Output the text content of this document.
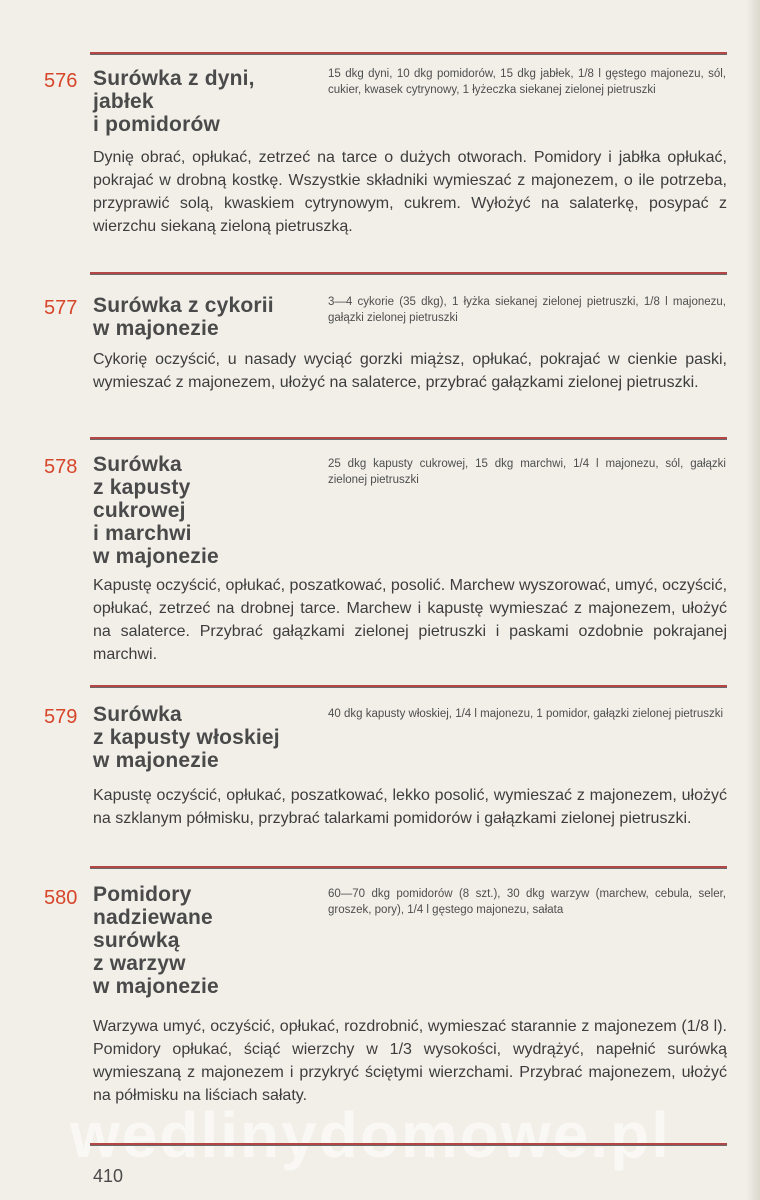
576 Surówka z dyni,
jabłek
i pomidorów
15 dkg dyni, 10 dkg pomidorów, 15 dkg jabłek, 1/8 l gęstego majonezu, sól, cukier, kwasek cytrynowy, 1 łyżeczka siekanej zielonej pietruszki
Dynię obrać, opłukać, zetrzeć na tarce o dużych otworach. Pomidory i jabłka opłukać, pokrajać w drobną kostkę. Wszystkie składniki wymieszać z majonezem, o ile potrzeba, przyprawić solą, kwaskiem cytrynowym, cukrem. Wyłożyć na salaterkę, posypać z wierzchu siekaną zieloną pietruszką.
577 Surówka z cykorii
w majonezie
3—4 cykorie (35 dkg), 1 łyżka siekanej zielonej pietruszki, 1/8 l majonezu, gałązki zielonej pietruszki
Cykorię oczyścić, u nasady wyciąć gorzki miąższ, opłukać, pokrajać w cienkie paski, wymieszać z majonezem, ułożyć na salaterce, przybrać gałązkami zielonej pietruszki.
578 Surówka
z kapusty
cukrowej
i marchwi
w majonezie
25 dkg kapusty cukrowej, 15 dkg marchwi, 1/4 l majonezu, sól, gałązki zielonej pietruszki
Kapustę oczyścić, opłukać, poszatkować, posolić. Marchew wyszorować, umyć, oczyścić, opłukać, zetrzeć na drobnej tarce. Marchew i kapustę wymieszać z majonezem, ułożyć na salaterce. Przybrać gałązkami zielonej pietruszki i paskami ozdobnie pokrajanej marchwi.
579 Surówka
z kapusty włoskiej
w majonezie
40 dkg kapusty włoskiej, 1/4 l majonezu, 1 pomidor, gałązki zielonej pietruszki
Kapustę oczyścić, opłukać, poszatkować, lekko posolić, wymieszać z majonezem, ułożyć na szklanym półmisku, przybrać talarkami pomidorów i gałązkami zielonej pietruszki.
580 Pomidory
nadziewane
surówką
z warzyw
w majonezie
60—70 dkg pomidorów (8 szt.), 30 dkg warzyw (marchew, cebula, seler, groszek, pory), 1/4 l gęstego majonezu, sałata
Warzywa umyć, oczyścić, opłukać, rozdrobnić, wymieszać starannie z majonezem (1/8 l). Pomidory opłukać, ściąć wierzchy w 1/3 wysokości, wydrążyć, napełnić surówką wymieszaną z majonezem i przykryć ściętymi wierzchami. Przybrać majonezem, ułożyć na półmisku na liściach sałaty.
wedlinydomowe.pl
410
